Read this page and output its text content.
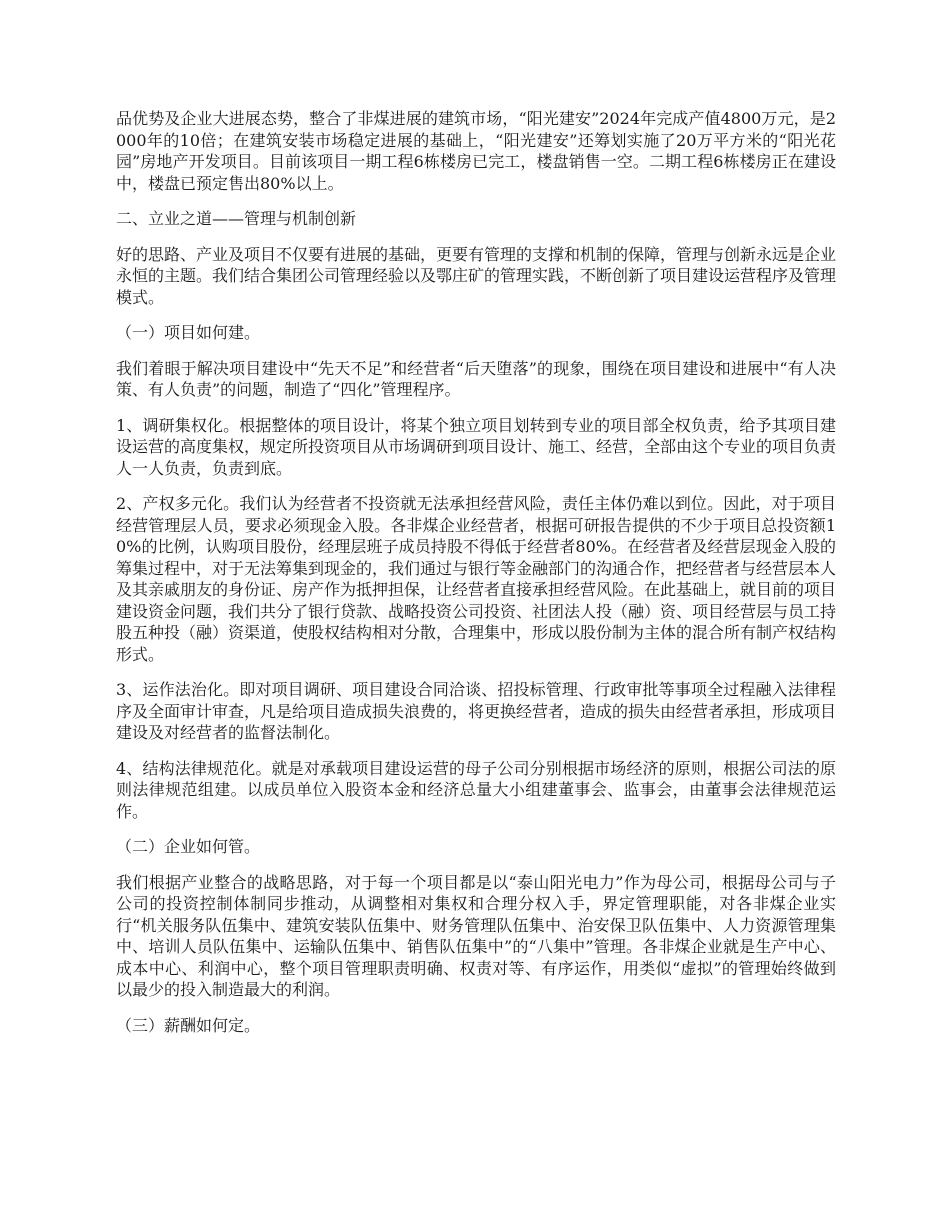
品优势及企业大进展态势，整合了非煤进展的建筑市场，“阳光建安”2024年完成产值4800万元，是2000年的10倍；在建筑安装市场稳定进展的基础上，“阳光建安”还筹划实施了20万平方米的“阳光花园”房地产开发项目。目前该项目一期工程6栋楼房已完工，楼盘销售一空。二期工程6栋楼房正在建设中，楼盘已预定售出80%以上。

二、立业之道——管理与机制创新

好的思路、产业及项目不仅要有进展的基础，更要有管理的支撑和机制的保障，管理与创新永远是企业永恒的主题。我们结合集团公司管理经验以及鄂庄矿的管理实践，不断创新了项目建设运营程序及管理模式。

（一）项目如何建。

我们着眼于解决项目建设中“先天不足”和经营者“后天堕落”的现象，围绕在项目建设和进展中“有人决策、有人负责”的问题，制造了“四化”管理程序。

1、调研集权化。根据整体的项目设计，将某个独立项目划转到专业的项目部全权负责，给予其项目建设运营的高度集权，规定所投资项目从市场调研到项目设计、施工、经营，全部由这个专业的项目负责人一人负责，负责到底。

2、产权多元化。我们认为经营者不投资就无法承担经营风险，责任主体仍难以到位。因此，对于项目经营管理层人员，要求必须现金入股。各非煤企业经营者，根据可研报告提供的不少于项目总投资额10%的比例，认购项目股份，经理层班子成员持股不得低于经营者80%。在经营者及经营层现金入股的筹集过程中，对于无法筹集到现金的，我们通过与银行等金融部门的沟通合作，把经营者与经营层本人及其亲戚朋友的身份证、房产作为抵押担保，让经营者直接承担经营风险。在此基础上，就目前的项目建设资金问题，我们共分了银行贷款、战略投资公司投资、社团法人投（融）资、项目经营层与员工持股五种投（融）资渠道，使股权结构相对分散，合理集中，形成以股份制为主体的混合所有制产权结构形式。

3、运作法治化。即对项目调研、项目建设合同洽谈、招投标管理、行政审批等事项全过程融入法律程序及全面审计审查，凡是给项目造成损失浪费的，将更换经营者，造成的损失由经营者承担，形成项目建设及对经营者的监督法制化。

4、结构法律规范化。就是对承载项目建设运营的母子公司分别根据市场经济的原则，根据公司法的原则法律规范组建。以成员单位入股资本金和经济总量大小组建董事会、监事会，由董事会法律规范运作。

（二）企业如何管。

我们根据产业整合的战略思路，对于每一个项目都是以“泰山阳光电力”作为母公司，根据母公司与子公司的投资控制体制同步推动，从调整相对集权和合理分权入手，界定管理职能，对各非煤企业实行“机关服务队伍集中、建筑安装队伍集中、财务管理队伍集中、治安保卫队伍集中、人力资源管理集中、培训人员队伍集中、运输队伍集中、销售队伍集中”的“八集中”管理。各非煤企业就是生产中心、成本中心、利润中心，整个项目管理职责明确、权责对等、有序运作，用类似“虚拟”的管理始终做到以最少的投入制造最大的利润。

（三）薪酬如何定。
